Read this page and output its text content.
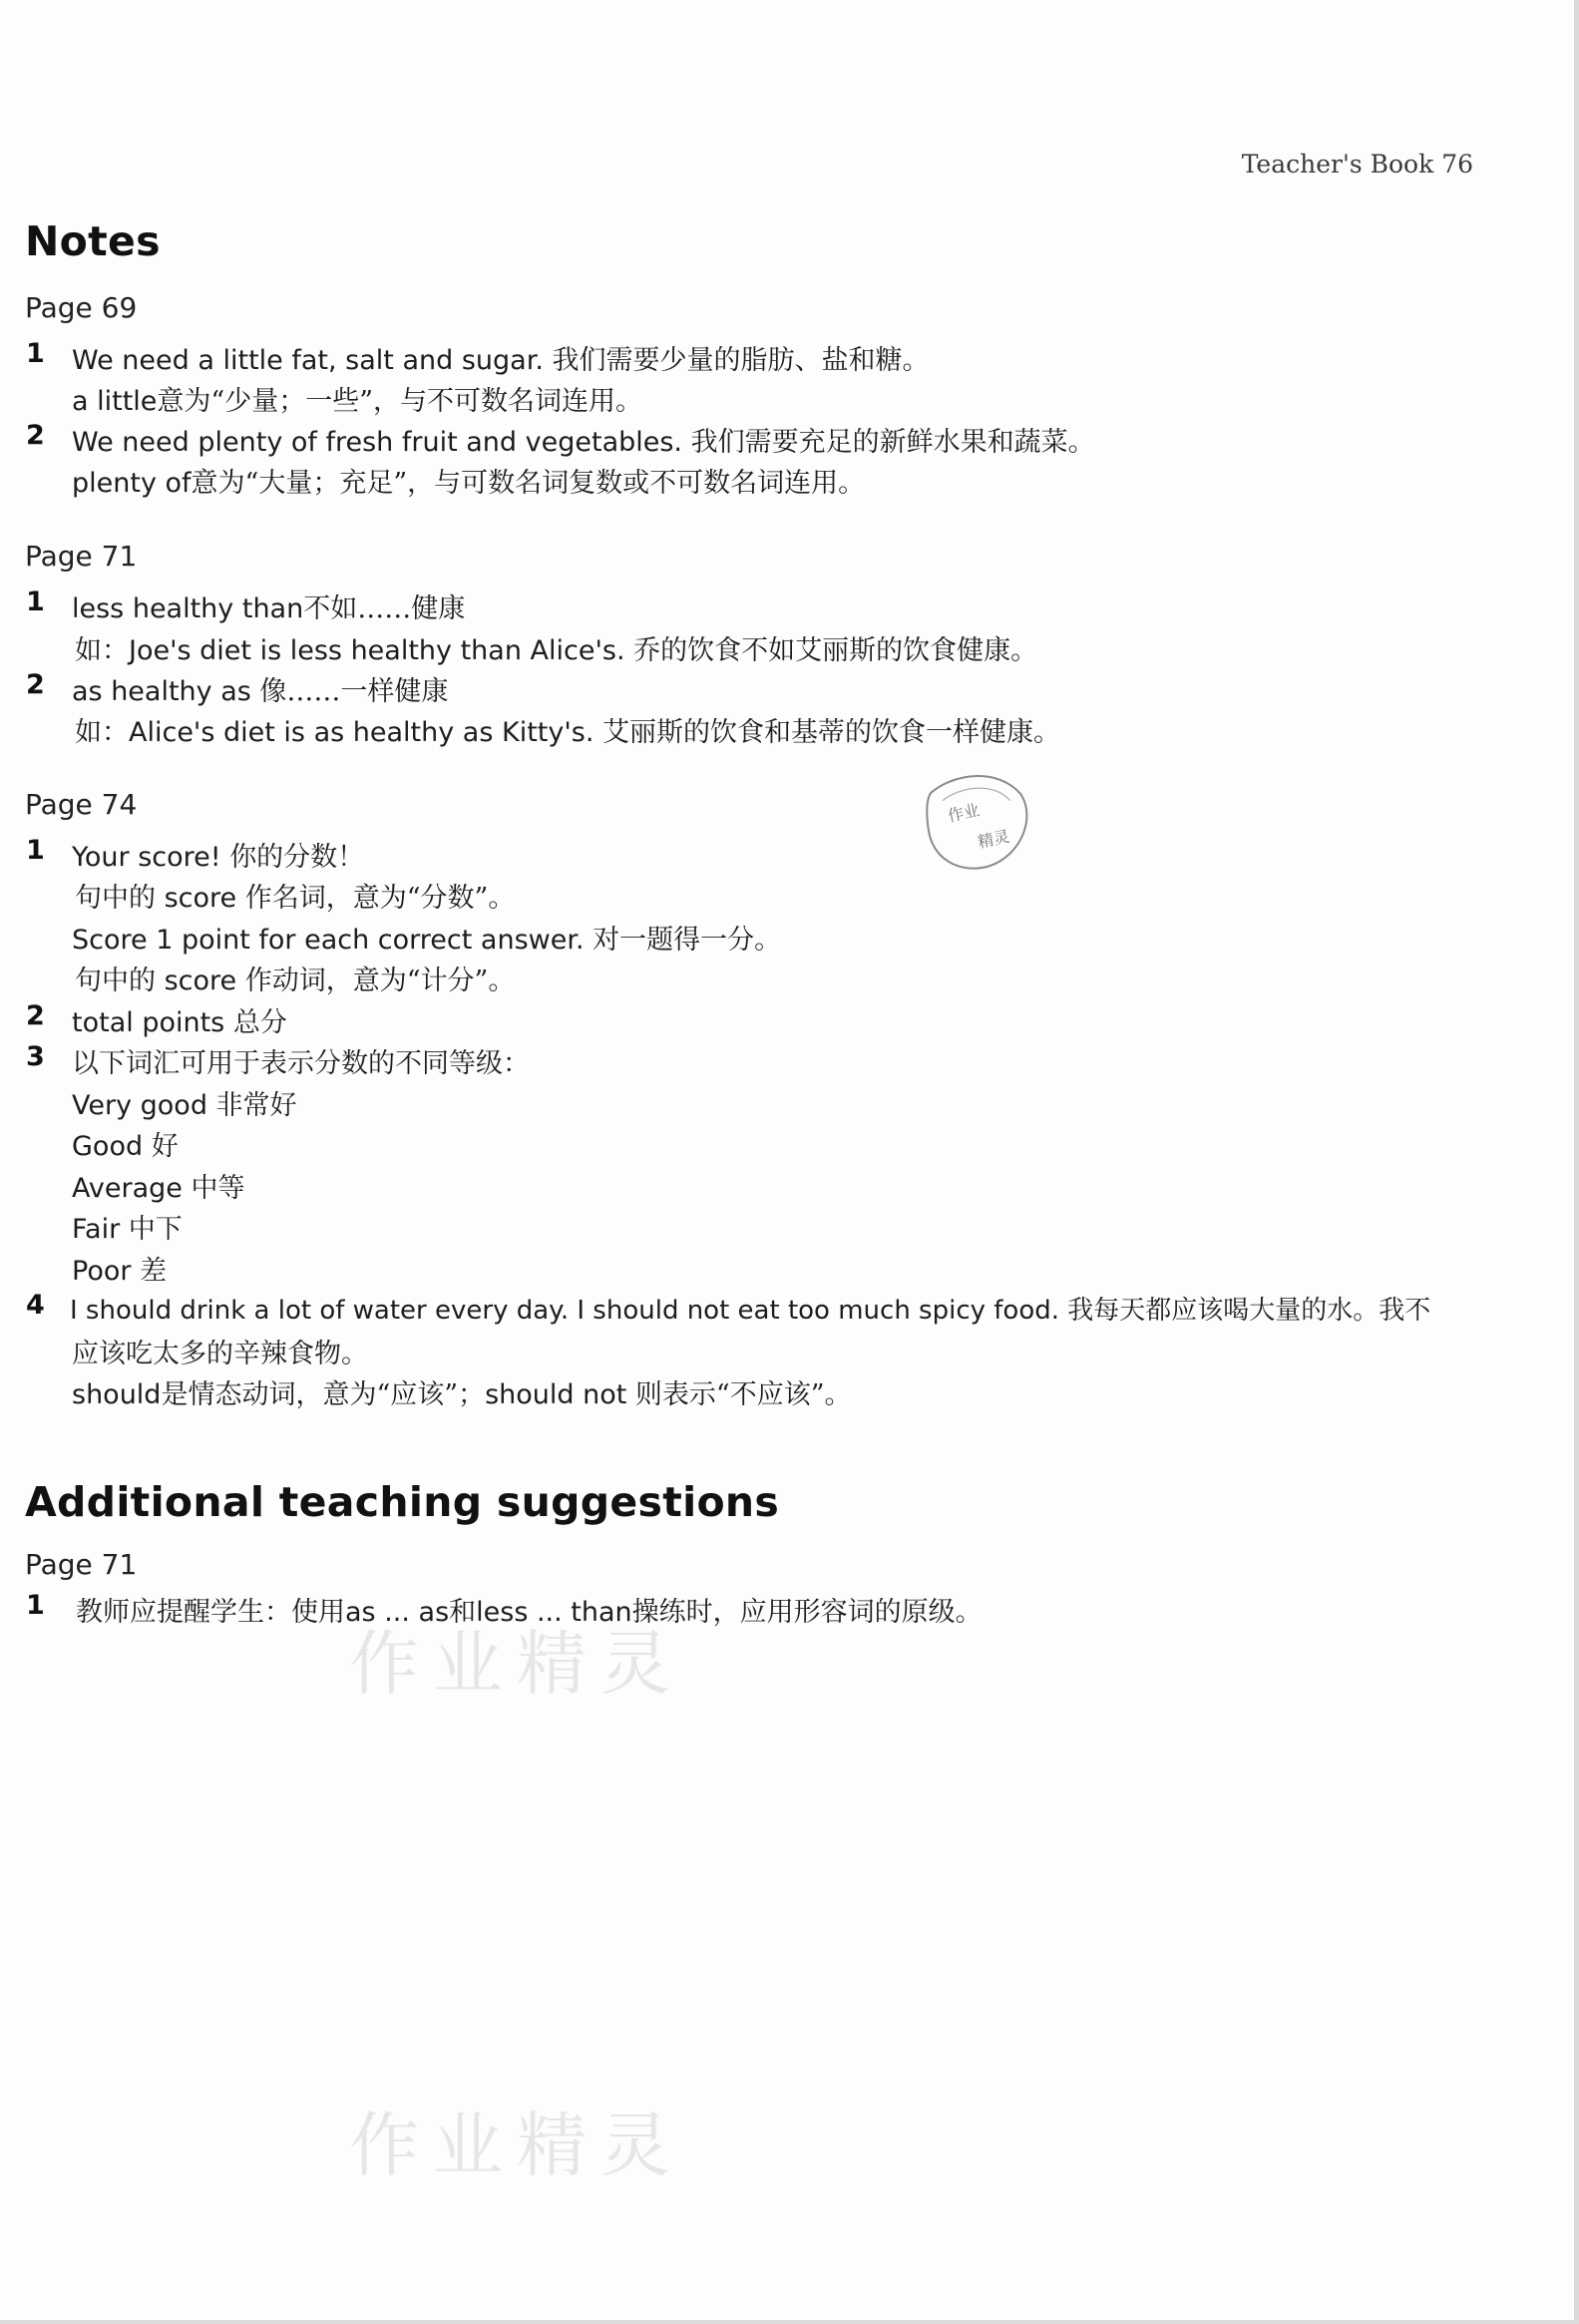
Teacher's Book 76
Notes
Page 69
1 We need a little fat, salt and sugar. 我们需要少量的脂肪、盐和糖。
a little意为“少量；一些”，与不可数名词连用。
2 We need plenty of fresh fruit and vegetables. 我们需要充足的新鲜水果和蔬菜。
plenty of意为“大量；充足”，与可数名词复数或不可数名词连用。
Page 71
1 less healthy than不如……健康
如：Joe's diet is less healthy than Alice's. 乔的饮食不如艾丽斯的饮食健康。
2 as healthy as 像……一样健康
如：Alice's diet is as healthy as Kitty's. 艾丽斯的饮食和基蒂的饮食一样健康。
作业
精灵
Page 74
1 Your score! 你的分数！
句中的 score 作名词，意为“分数”。
Score 1 point for each correct answer. 对一题得一分。
句中的 score 作动词，意为“计分”。
2 total points 总分
3 以下词汇可用于表示分数的不同等级：
Very good 非常好
Good 好
Average 中等
Fair 中下
Poor 差
4 I should drink a lot of water every day. I should not eat too much spicy food. 我每天都应该喝大量的水。我不
应该吃太多的辛辣食物。
should是情态动词，意为“应该”；should not 则表示“不应该”。
Additional teaching suggestions
Page 71
1 教师应提醒学生：使用as ... as和less ... than操练时，应用形容词的原级。
作业精灵
作业精灵
